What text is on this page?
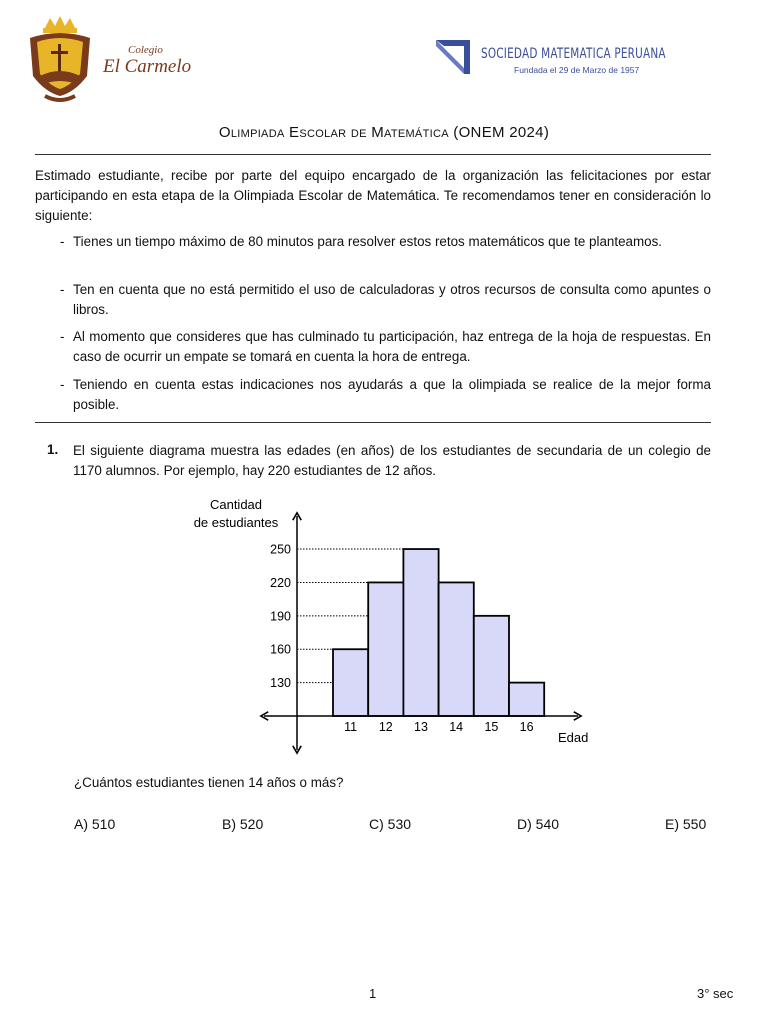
Colegio
El Carmelo
SOCIEDAD MATEMATICA PERUANA
Fundada el 29 de Marzo de 1957
Olimpiada Escolar de Matemática (ONEM 2024)
Estimado estudiante, recibe por parte del equipo encargado de la organización las felicitaciones por estar participando en esta etapa de la Olimpiada Escolar de Matemática. Te recomendamos tener en consideración lo siguiente:
- Tienes un tiempo máximo de 80 minutos para resolver estos retos matemáticos que te planteamos.
- Ten en cuenta que no está permitido el uso de calculadoras y otros recursos de consulta como apuntes o libros.
- Al momento que consideres que has culminado tu participación, haz entrega de la hoja de respuestas. En caso de ocurrir un empate se tomará en cuenta la hora de entrega.
- Teniendo en cuenta estas indicaciones nos ayudarás a que la olimpiada se realice de la mejor forma posible.
1. El siguiente diagrama muestra las edades (en años) de los estudiantes de secundaria de un colegio de 1170 alumnos. Por ejemplo, hay 220 estudiantes de 12 años.
Cantidad
de estudiantes
Edad
130
160
190
220
250
11 12 13 14 15 16
¿Cuántos estudiantes tienen 14 años o más?
A) 510	B) 520	C) 530	D) 540	E) 550
1	3° sec
